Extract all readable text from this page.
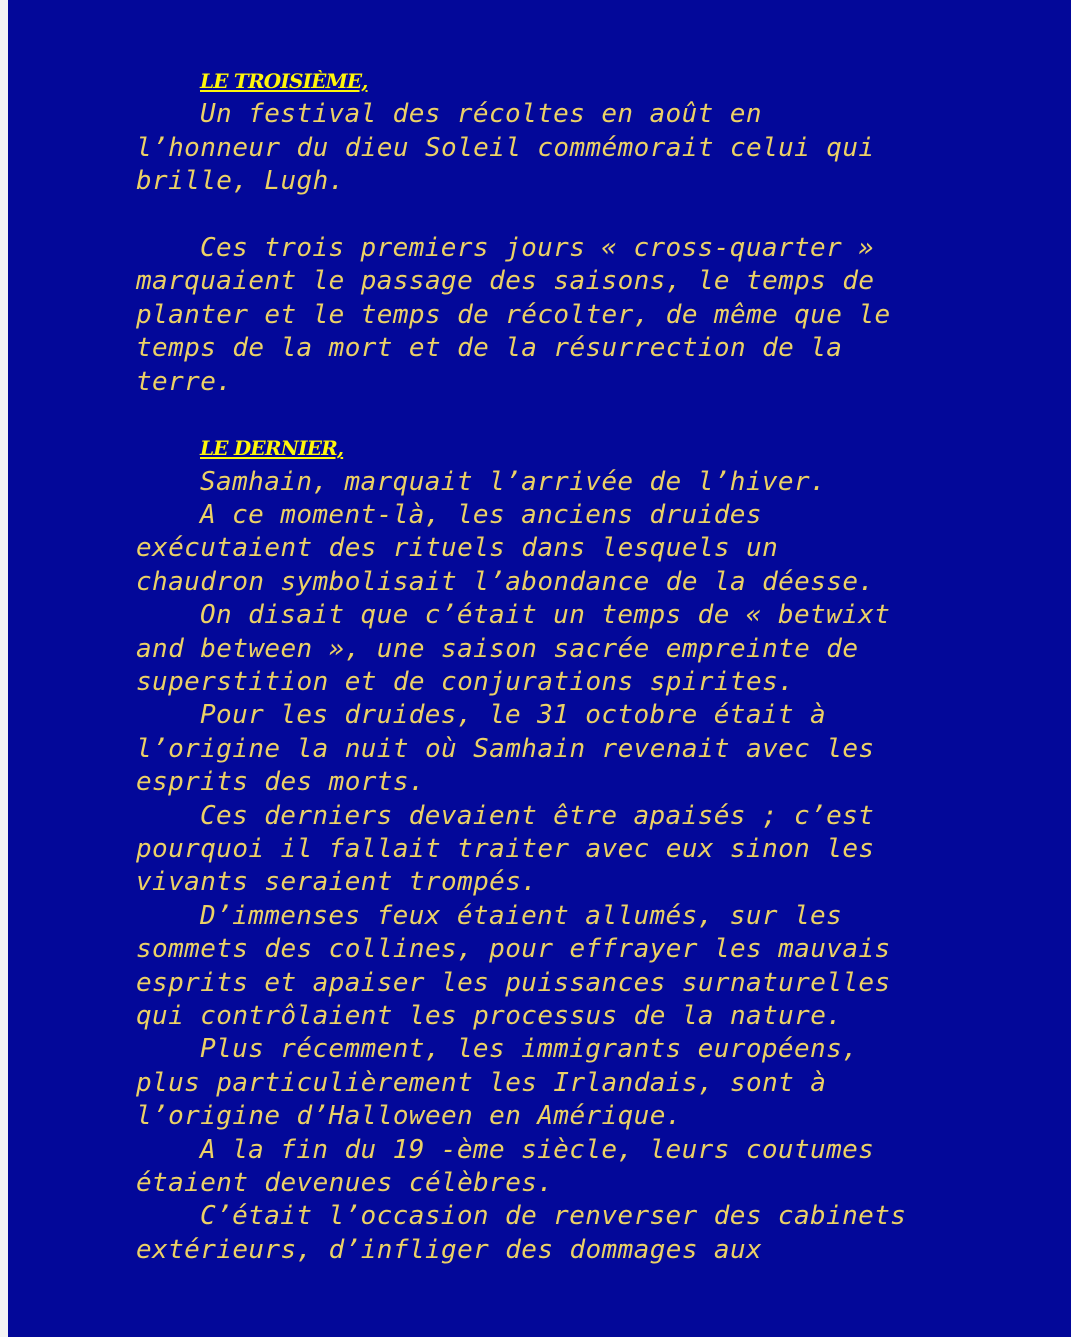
LE TROISIÈME,
Un festival des récoltes en août en
l’honneur du dieu Soleil commémorait celui qui
brille, Lugh.
Ces trois premiers jours « cross-quarter »
marquaient le passage des saisons, le temps de
planter et le temps de récolter, de même que le
temps de la mort et de la résurrection de la
terre.
LE DERNIER,
Samhain, marquait l’arrivée de l’hiver.
A ce moment-là, les anciens druides
exécutaient des rituels dans lesquels un
chaudron symbolisait l’abondance de la déesse.
On disait que c’était un temps de « betwixt
and between », une saison sacrée empreinte de
superstition et de conjurations spirites.
Pour les druides, le 31 octobre était à
l’origine la nuit où Samhain revenait avec les
esprits des morts.
Ces derniers devaient être apaisés ; c’est
pourquoi il fallait traiter avec eux sinon les
vivants seraient trompés.
D’immenses feux étaient allumés, sur les
sommets des collines, pour effrayer les mauvais
esprits et apaiser les puissances surnaturelles
qui contrôlaient les processus de la nature.
Plus récemment, les immigrants européens,
plus particulièrement les Irlandais, sont à
l’origine d’Halloween en Amérique.
A la fin du 19 -ème siècle, leurs coutumes
étaient devenues célèbres.
C’était l’occasion de renverser des cabinets
extérieurs, d’infliger des dommages aux
